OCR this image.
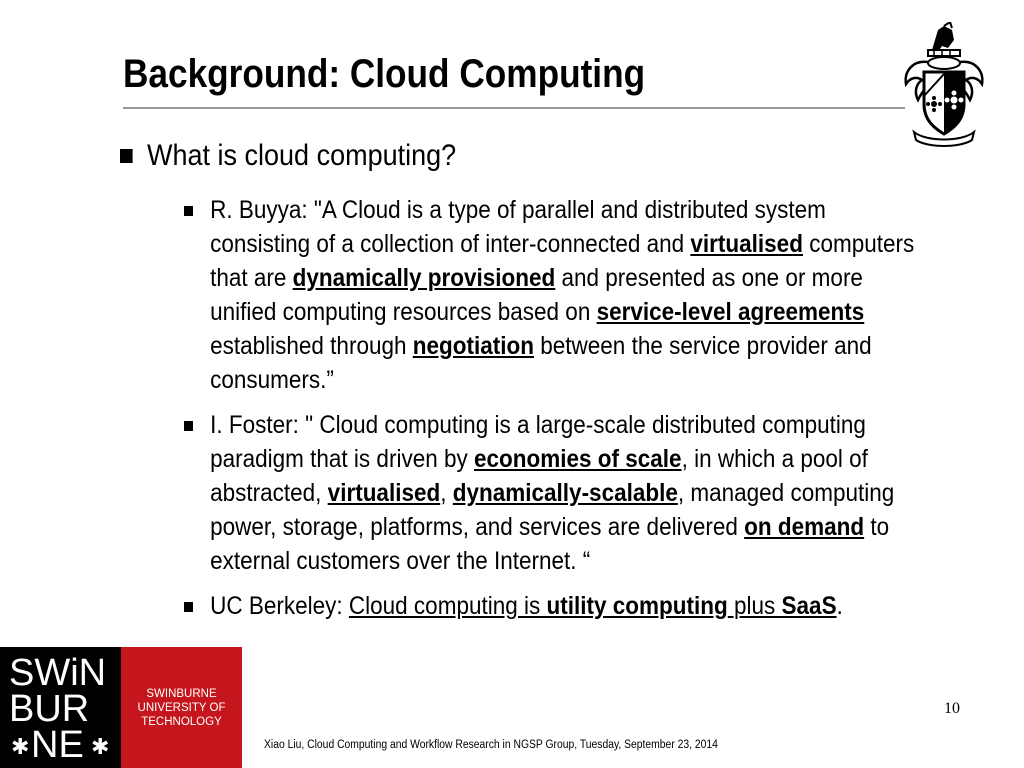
Background: Cloud Computing

What is cloud computing?

R. Buyya: "A Cloud is a type of parallel and distributed system consisting of a collection of inter-connected and virtualised computers that are dynamically provisioned and presented as one or more unified computing resources based on service-level agreements established through negotiation between the service provider and consumers.”
I. Foster: " Cloud computing is a large-scale distributed computing paradigm that is driven by economies of scale, in which a pool of abstracted, virtualised, dynamically-scalable, managed computing power, storage, platforms, and services are delivered on demand to external customers over the Internet. “
UC Berkeley: Cloud computing is utility computing plus SaaS.
SWiN
BUR
NE
✱	✱
SWINBURNE
UNIVERSITY OF
TECHNOLOGY
10
Xiao Liu, Cloud Computing and Workflow Research in NGSP Group, Tuesday, September 23, 2014
